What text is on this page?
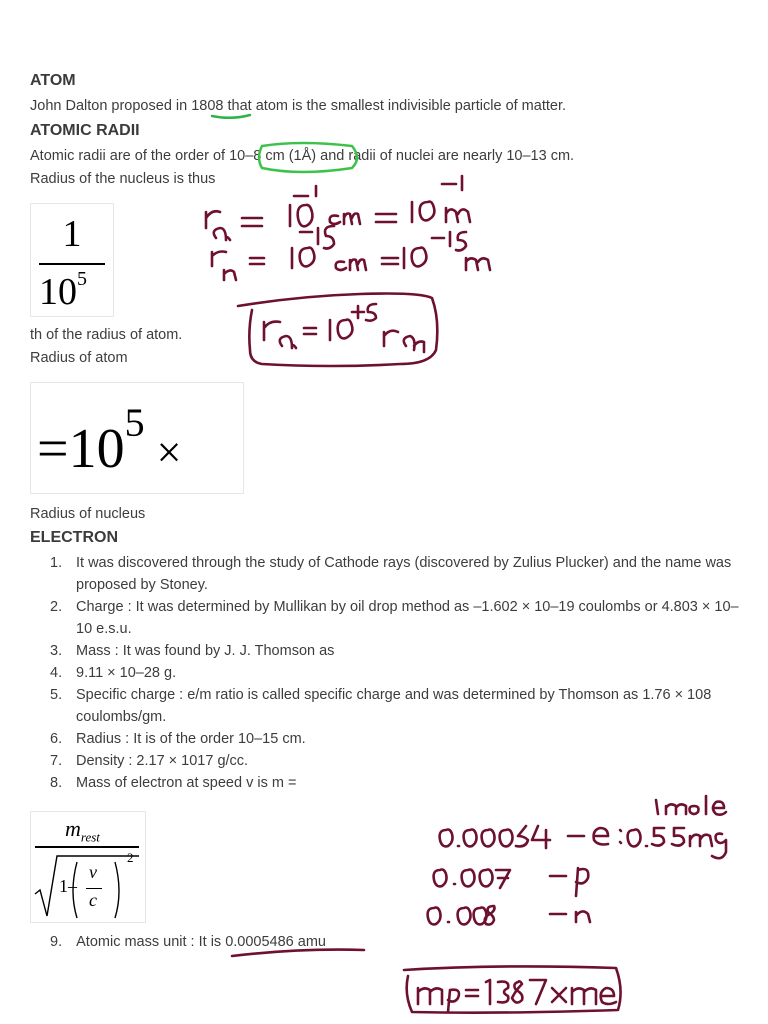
ATOM
John Dalton proposed in 1808 that atom is the smallest indivisible particle of matter.
ATOMIC RADII
Atomic radii are of the order of 10–8 cm (1Å) and radii of nuclei are nearly 10–13 cm.
Radius of the nucleus is thus
1
$10^5$
th of the radius of atom.
Radius of atom
$=10^5\times$
Radius of nucleus
ELECTRON
1. It was discovered through the study of Cathode rays (discovered by Zulius Plucker) and the name was proposed by Stoney.
2. Charge : It was determined by Mullikan by oil drop method as –1.602 × 10–19 coulombs or 4.803 × 10–10 e.s.u.
3. Mass : It was found by J. J. Thomson as
4. 9.11 × 10–28 g.
5. Specific charge : e/m ratio is called specific charge and was determined by Thomson as 1.76 × 108 coulombs/gm.
6. Radius : It is of the order 10–15 cm.
7. Density : 2.17 × 1017 g/cc.
8. Mass of electron at speed v is m =
$m_{rest}$
1–
v
c
2
9. Atomic mass unit : It is 0.0005486 amu
